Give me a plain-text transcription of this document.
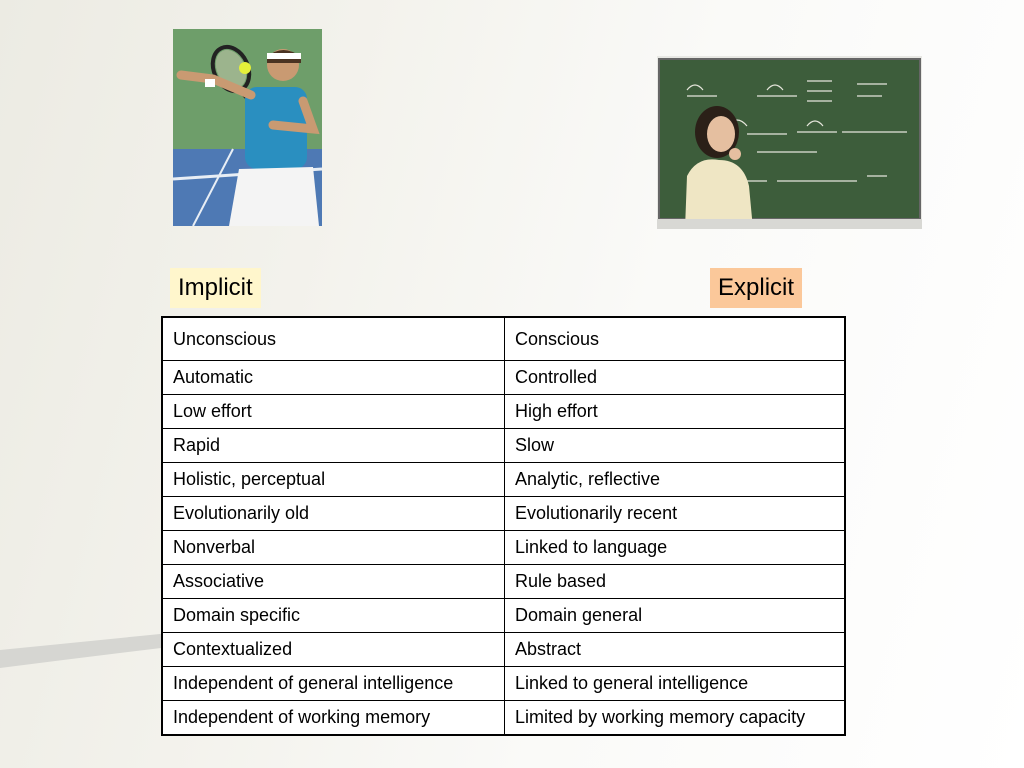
Implicit	Explicit
Unconscious	Conscious
Automatic	Controlled
Low effort	High effort
Rapid	Slow
Holistic, perceptual	Analytic, reflective
Evolutionarily old	Evolutionarily recent
Nonverbal	Linked to language
Associative	Rule based
Domain specific	Domain general
Contextualized	Abstract
Independent of general intelligence	Linked to general intelligence
Independent of working memory	Limited by working memory capacity
